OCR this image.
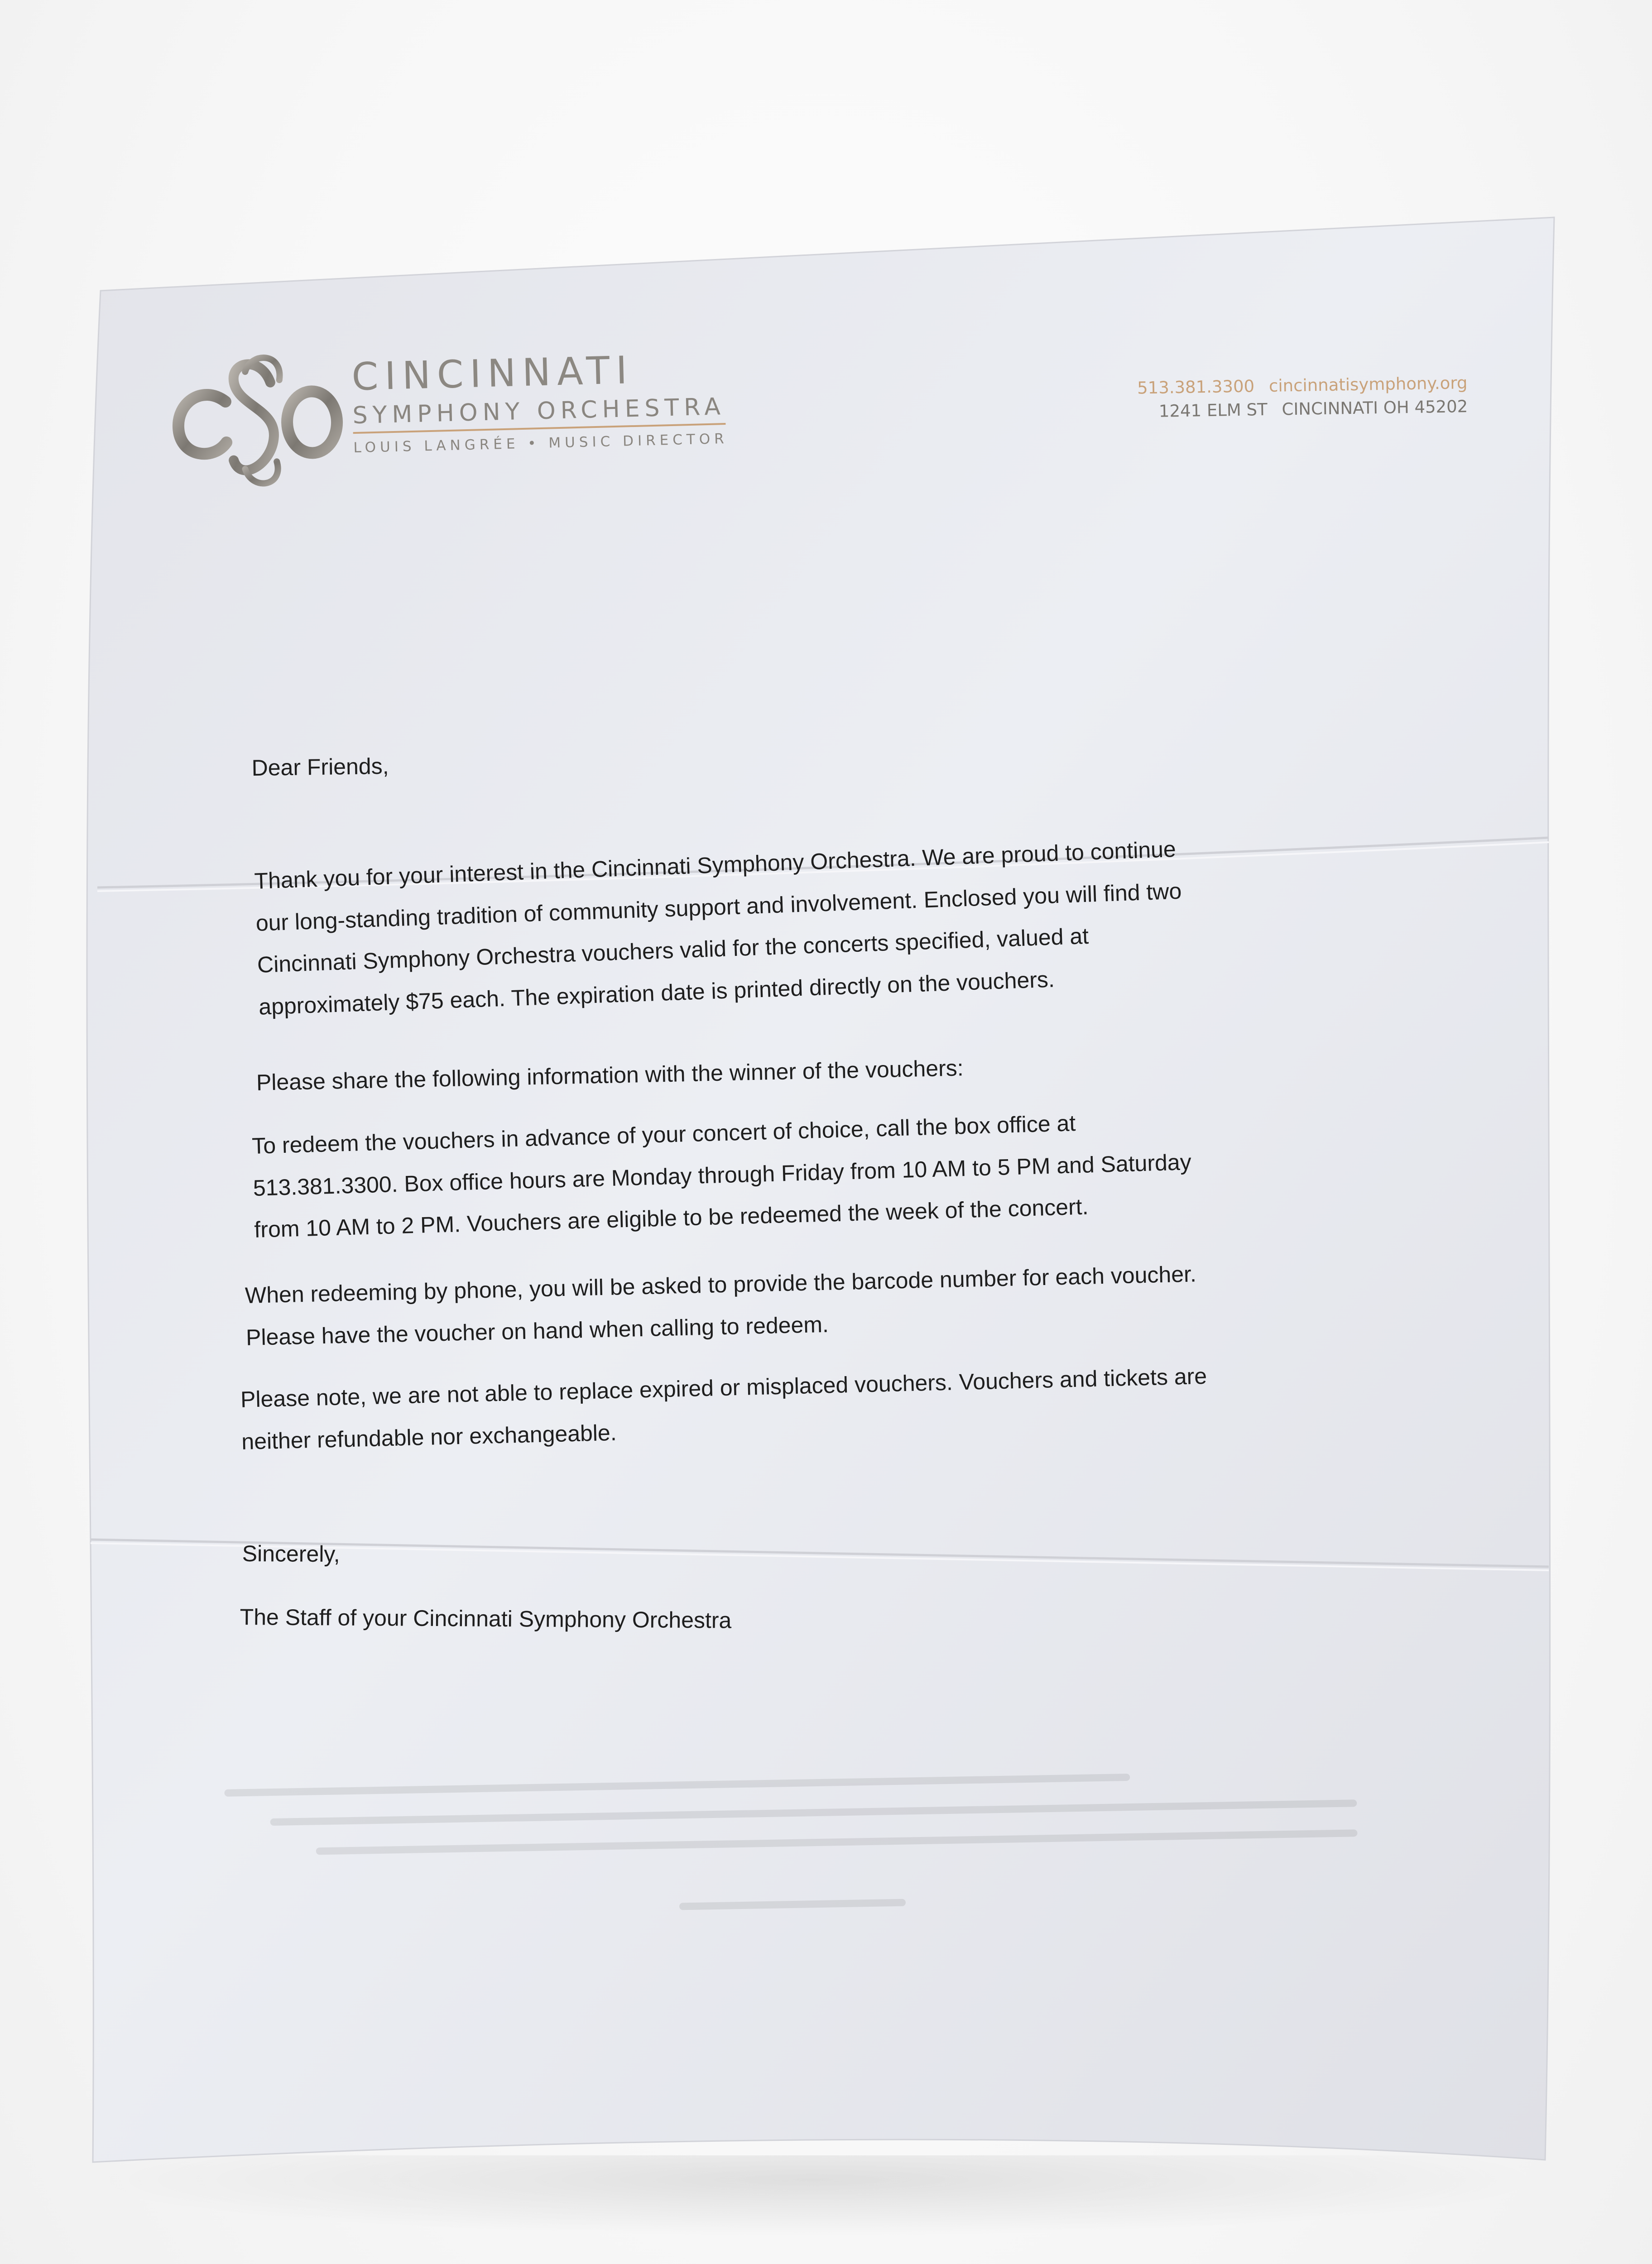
CINCINNATI
SYMPHONY ORCHESTRA
LOUIS LANGRÉE • MUSIC DIRECTOR
513.381.3300 cincinnatisymphony.org
1241 ELM ST CINCINNATI OH 45202
Dear Friends,

Thank you for your interest in the Cincinnati Symphony Orchestra. We are proud to continue

our long-standing tradition of community support and involvement. Enclosed you will find two

Cincinnati Symphony Orchestra vouchers valid for the concerts specified, valued at

approximately $75 each. The expiration date is printed directly on the vouchers.

Please share the following information with the winner of the vouchers:

To redeem the vouchers in advance of your concert of choice, call the box office at

513.381.3300. Box office hours are Monday through Friday from 10 AM to 5 PM and Saturday

from 10 AM to 2 PM. Vouchers are eligible to be redeemed the week of the concert.

When redeeming by phone, you will be asked to provide the barcode number for each voucher.

Please have the voucher on hand when calling to redeem.

Please note, we are not able to replace expired or misplaced vouchers. Vouchers and tickets are

neither refundable nor exchangeable.

Sincerely,
The Staff of your Cincinnati Symphony Orchestra
